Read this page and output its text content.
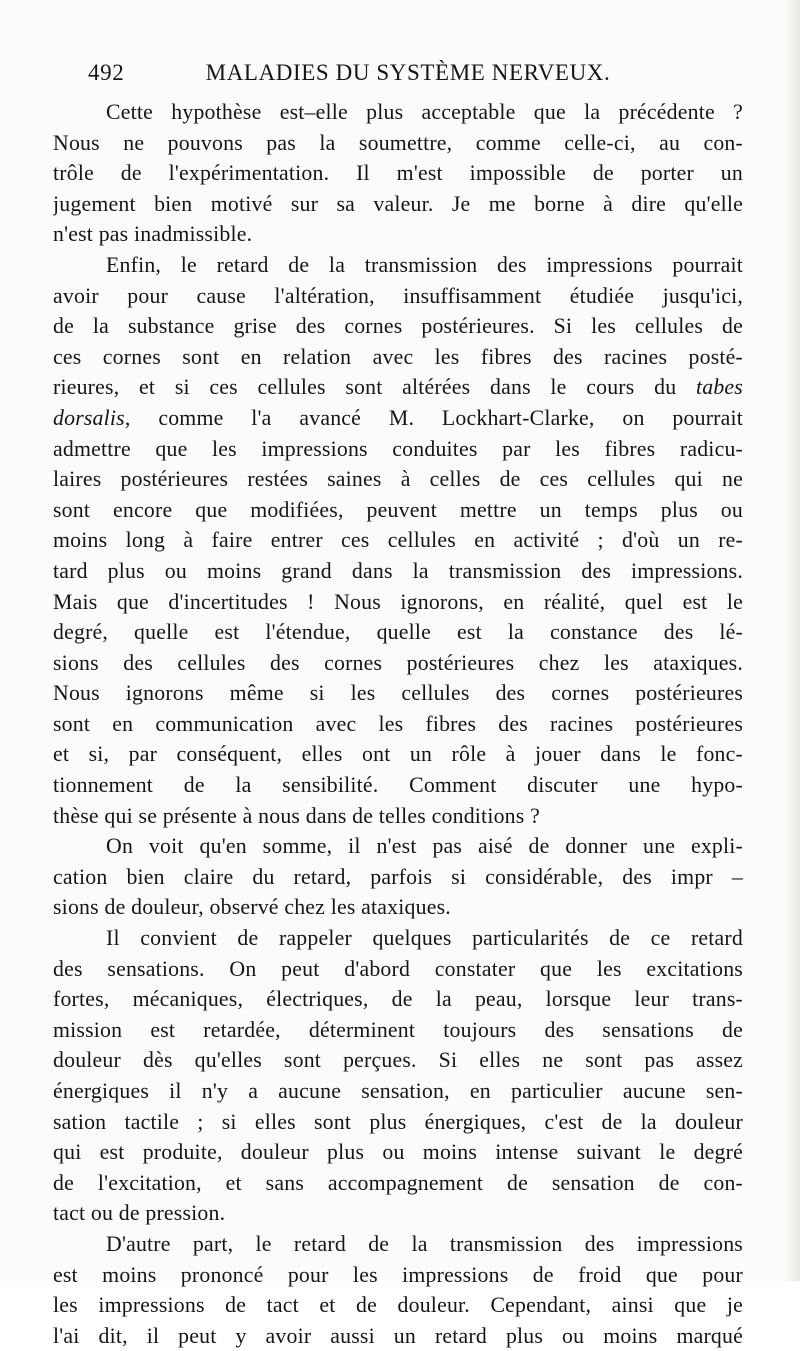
492	MALADIES DU SYSTÈME NERVEUX.
Cette hypothèse est–elle plus acceptable que la précédente ?
Nous ne pouvons pas la soumettre, comme celle-ci, au con-
trôle de l'expérimentation. Il m'est impossible de porter un
jugement bien motivé sur sa valeur. Je me borne à dire qu'elle
n'est pas inadmissible.
Enfin, le retard de la transmission des impressions pourrait
avoir pour cause l'altération, insuffisamment étudiée jusqu'ici,
de la substance grise des cornes postérieures. Si les cellules de
ces cornes sont en relation avec les fibres des racines posté-
rieures, et si ces cellules sont altérées dans le cours du tabes
dorsalis, comme l'a avancé M. Lockhart-Clarke, on pourrait
admettre que les impressions conduites par les fibres radicu-
laires postérieures restées saines à celles de ces cellules qui ne
sont encore que modifiées, peuvent mettre un temps plus ou
moins long à faire entrer ces cellules en activité ; d'où un re-
tard plus ou moins grand dans la transmission des impressions.
Mais que d'incertitudes ! Nous ignorons, en réalité, quel est le
degré, quelle est l'étendue, quelle est la constance des lé-
sions des cellules des cornes postérieures chez les ataxiques.
Nous ignorons même si les cellules des cornes postérieures
sont en communication avec les fibres des racines postérieures
et si, par conséquent, elles ont un rôle à jouer dans le fonc-
tionnement de la sensibilité. Comment discuter une hypo-
thèse qui se présente à nous dans de telles conditions ?
On voit qu'en somme, il n'est pas aisé de donner une expli-
cation bien claire du retard, parfois si considérable, des impr –
sions de douleur, observé chez les ataxiques.
Il convient de rappeler quelques particularités de ce retard
des sensations. On peut d'abord constater que les excitations
fortes, mécaniques, électriques, de la peau, lorsque leur trans-
mission est retardée, déterminent toujours des sensations de
douleur dès qu'elles sont perçues. Si elles ne sont pas assez
énergiques il n'y a aucune sensation, en particulier aucune sen-
sation tactile ; si elles sont plus énergiques, c'est de la douleur
qui est produite, douleur plus ou moins intense suivant le degré
de l'excitation, et sans accompagnement de sensation de con-
tact ou de pression.
D'autre part, le retard de la transmission des impressions
est moins prononcé pour les impressions de froid que pour
les impressions de tact et de douleur. Cependant, ainsi que je
l'ai dit, il peut y avoir aussi un retard plus ou moins marqué
